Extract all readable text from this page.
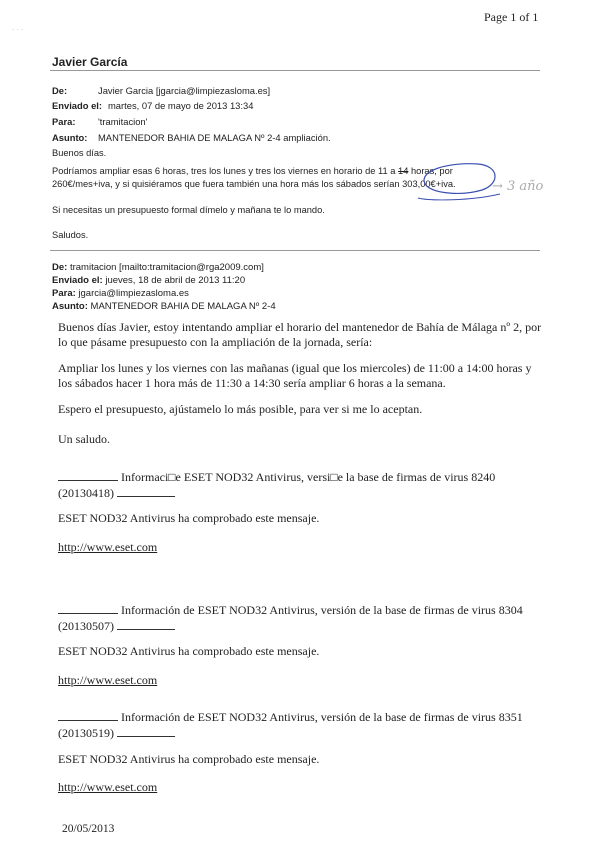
Page 1 of 1
Javier García
De:	Javier Garcia [jgarcia@limpiezasloma.es]
Enviado el: martes, 07 de mayo de 2013 13:34
Para: 'tramitacion'
Asunto: MANTENEDOR BAHIA DE MALAGA Nº 2-4 ampliación.
Buenos días.
Podríamos ampliar esas 6 horas, tres los lunes y tres los viernes en horario de 11 a 14 horas, por
260€/mes+iva, y si quisiéramos que fuera también una hora más los sábados serían 303,00€+iva.
Si necesitas un presupuesto formal dímelo y mañana te lo mando.
Saludos.
→ 3 año
· · ·
De: tramitacion [mailto:tramitacion@rga2009.com]
Enviado el: jueves, 18 de abril de 2013 11:20
Para: jgarcia@limpiezasloma.es
Asunto: MANTENEDOR BAHIA DE MALAGA Nº 2-4
Buenos días Javier, estoy intentando ampliar el horario del mantenedor de Bahía de Málaga nº 2, por
lo que pásame presupuesto con la ampliación de la jornada, sería:
Ampliar los lunes y los viernes con las mañanas (igual que los miercoles) de 11:00 a 14:00 horas y
los sábados hacer 1 hora más de 11:30 a 14:30 sería ampliar 6 horas a la semana.
Espero el presupuesto, ajústamelo lo más posible, para ver si me lo aceptan.
Un saludo.
Informaci□e ESET NOD32 Antivirus, versi□e la base de firmas de virus 8240
(20130418)
ESET NOD32 Antivirus ha comprobado este mensaje.
http://www.eset.com
Información de ESET NOD32 Antivirus, versión de la base de firmas de virus 8304
(20130507)
ESET NOD32 Antivirus ha comprobado este mensaje.
http://www.eset.com
Información de ESET NOD32 Antivirus, versión de la base de firmas de virus 8351
(20130519)
ESET NOD32 Antivirus ha comprobado este mensaje.
http://www.eset.com
20/05/2013
